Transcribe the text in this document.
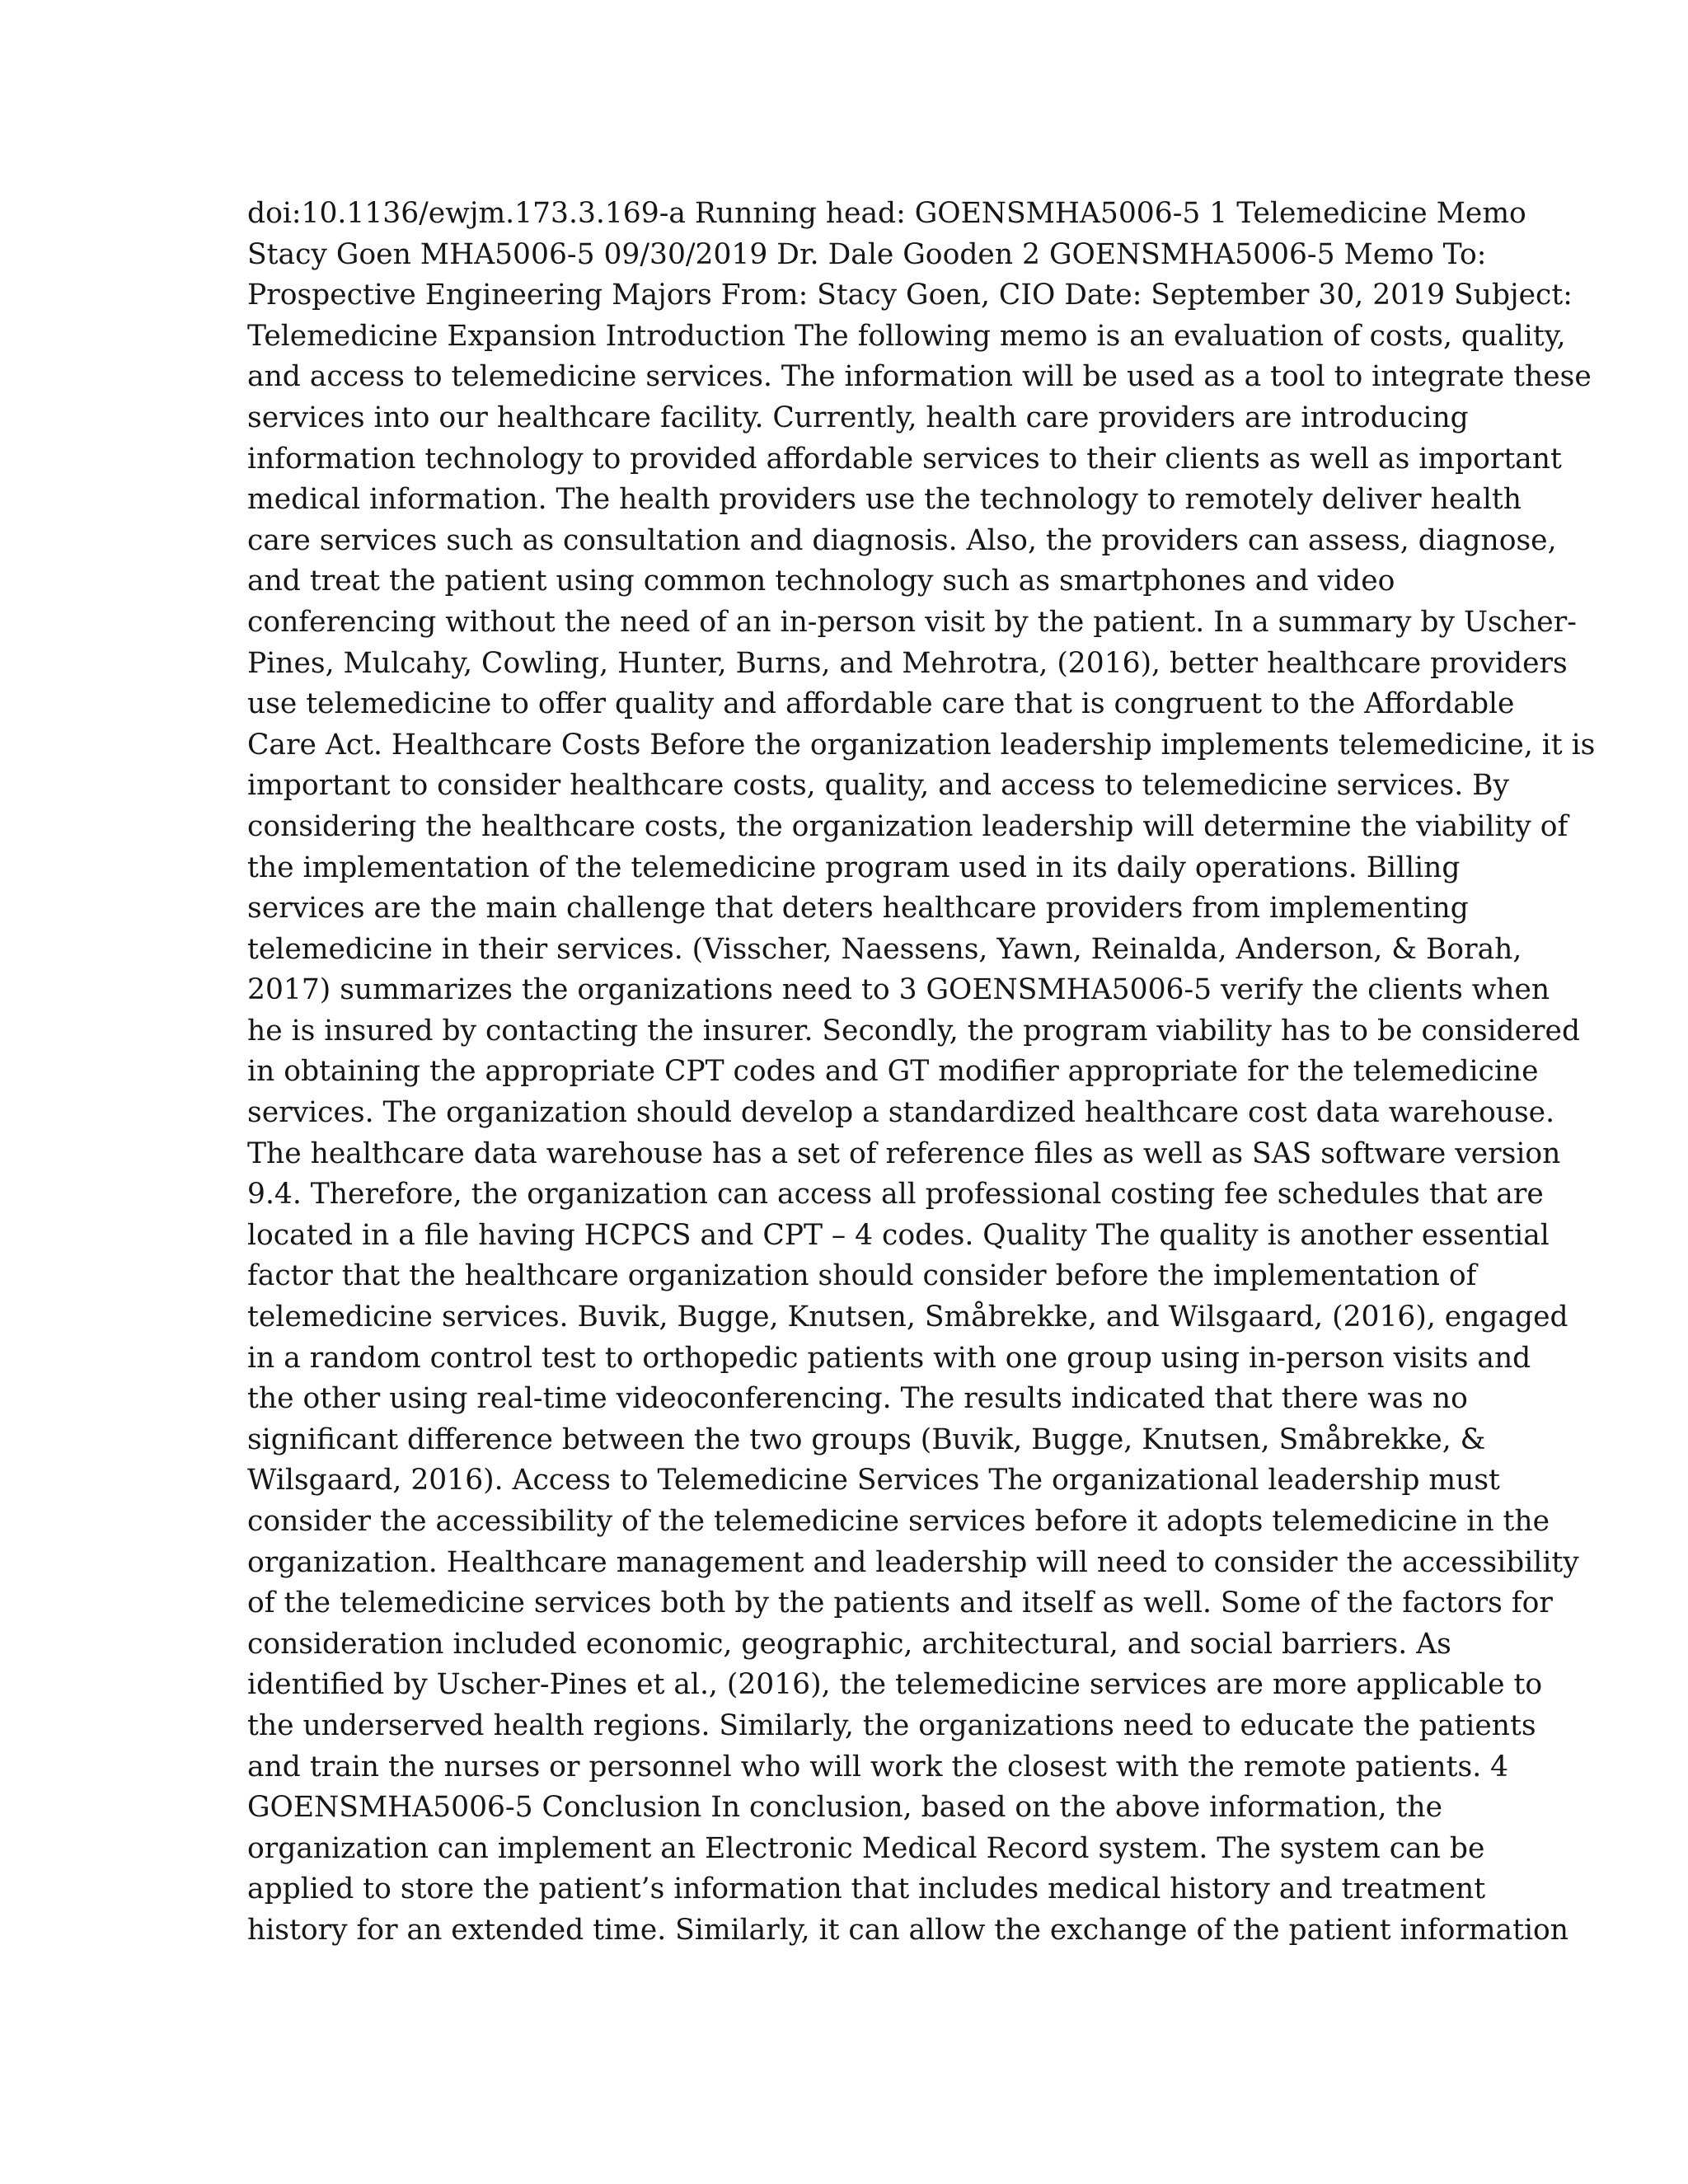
doi:10.1136/ewjm.173.3.169-a Running head: GOENSMHA5006-5 1 Telemedicine Memo
Stacy Goen MHA5006-5 09/30/2019 Dr. Dale Gooden 2 GOENSMHA5006-5 Memo To:
Prospective Engineering Majors From: Stacy Goen, CIO Date: September 30, 2019 Subject:
Telemedicine Expansion Introduction The following memo is an evaluation of costs, quality,
and access to telemedicine services. The information will be used as a tool to integrate these
services into our healthcare facility. Currently, health care providers are introducing
information technology to provided affordable services to their clients as well as important
medical information. The health providers use the technology to remotely deliver health
care services such as consultation and diagnosis. Also, the providers can assess, diagnose,
and treat the patient using common technology such as smartphones and video
conferencing without the need of an in-person visit by the patient. In a summary by Uscher-
Pines, Mulcahy, Cowling, Hunter, Burns, and Mehrotra, (2016), better healthcare providers
use telemedicine to offer quality and affordable care that is congruent to the Affordable
Care Act. Healthcare Costs Before the organization leadership implements telemedicine, it is
important to consider healthcare costs, quality, and access to telemedicine services. By
considering the healthcare costs, the organization leadership will determine the viability of
the implementation of the telemedicine program used in its daily operations. Billing
services are the main challenge that deters healthcare providers from implementing
telemedicine in their services. (Visscher, Naessens, Yawn, Reinalda, Anderson, & Borah,
2017) summarizes the organizations need to 3 GOENSMHA5006-5 verify the clients when
he is insured by contacting the insurer. Secondly, the program viability has to be considered
in obtaining the appropriate CPT codes and GT modifier appropriate for the telemedicine
services. The organization should develop a standardized healthcare cost data warehouse.
The healthcare data warehouse has a set of reference files as well as SAS software version
9.4. Therefore, the organization can access all professional costing fee schedules that are
located in a file having HCPCS and CPT – 4 codes. Quality The quality is another essential
factor that the healthcare organization should consider before the implementation of
telemedicine services. Buvik, Bugge, Knutsen, Småbrekke, and Wilsgaard, (2016), engaged
in a random control test to orthopedic patients with one group using in-person visits and
the other using real-time videoconferencing. The results indicated that there was no
significant difference between the two groups (Buvik, Bugge, Knutsen, Småbrekke, &
Wilsgaard, 2016). Access to Telemedicine Services The organizational leadership must
consider the accessibility of the telemedicine services before it adopts telemedicine in the
organization. Healthcare management and leadership will need to consider the accessibility
of the telemedicine services both by the patients and itself as well. Some of the factors for
consideration included economic, geographic, architectural, and social barriers. As
identified by Uscher-Pines et al., (2016), the telemedicine services are more applicable to
the underserved health regions. Similarly, the organizations need to educate the patients
and train the nurses or personnel who will work the closest with the remote patients. 4
GOENSMHA5006-5 Conclusion In conclusion, based on the above information, the
organization can implement an Electronic Medical Record system. The system can be
applied to store the patient’s information that includes medical history and treatment
history for an extended time. Similarly, it can allow the exchange of the patient information
